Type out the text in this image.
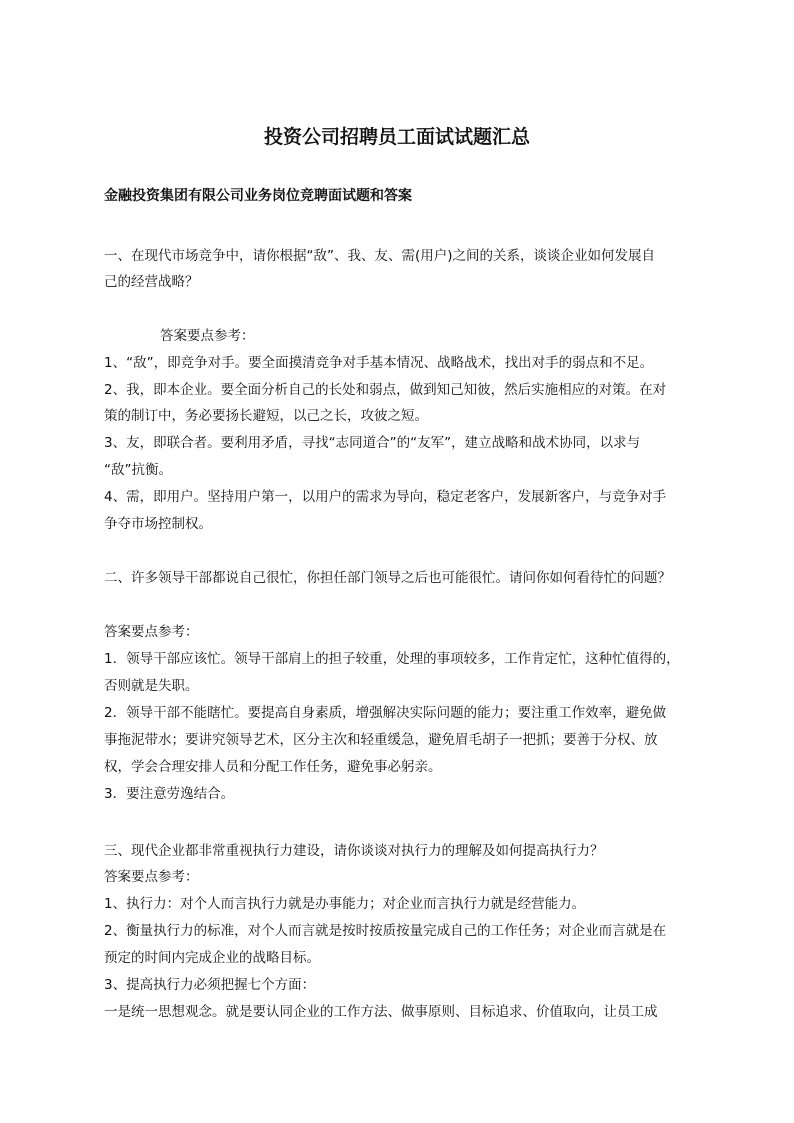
投资公司招聘员工面试试题汇总

金融投资集团有限公司业务岗位竞聘面试题和答案

一、在现代市场竞争中，请你根据“敌”、我、友、需(用户)之间的关系，谈谈企业如何发展自

己的经营战略？

答案要点参考：

1、“敌”，即竞争对手。要全面摸清竞争对手基本情况、战略战术，找出对手的弱点和不足。

2、我，即本企业。要全面分析自己的长处和弱点，做到知己知彼，然后实施相应的对策。在对

策的制订中，务必要扬长避短，以己之长，攻彼之短。

3、友，即联合者。要利用矛盾，寻找“志同道合”的“友军”，建立战略和战术协同，以求与

“敌”抗衡。

4、需，即用户。坚持用户第一，以用户的需求为导向，稳定老客户，发展新客户，与竞争对手

争夺市场控制权。

二、许多领导干部都说自己很忙，你担任部门领导之后也可能很忙。请问你如何看待忙的问题？

答案要点参考：

1．领导干部应该忙。领导干部肩上的担子较重，处理的事项较多，工作肯定忙，这种忙值得的，

否则就是失职。

2．领导干部不能瞎忙。要提高自身素质，增强解决实际问题的能力；要注重工作效率，避免做

事拖泥带水；要讲究领导艺术，区分主次和轻重缓急，避免眉毛胡子一把抓；要善于分权、放

权，学会合理安排人员和分配工作任务，避免事必躬亲。

3．要注意劳逸结合。

三、现代企业都非常重视执行力建设，请你谈谈对执行力的理解及如何提高执行力？

答案要点参考：

1、执行力：对个人而言执行力就是办事能力；对企业而言执行力就是经营能力。

2、衡量执行力的标准，对个人而言就是按时按质按量完成自己的工作任务；对企业而言就是在

预定的时间内完成企业的战略目标。

3、提高执行力必须把握七个方面：

一是统一思想观念。就是要认同企业的工作方法、做事原则、目标追求、价值取向，让员工成
